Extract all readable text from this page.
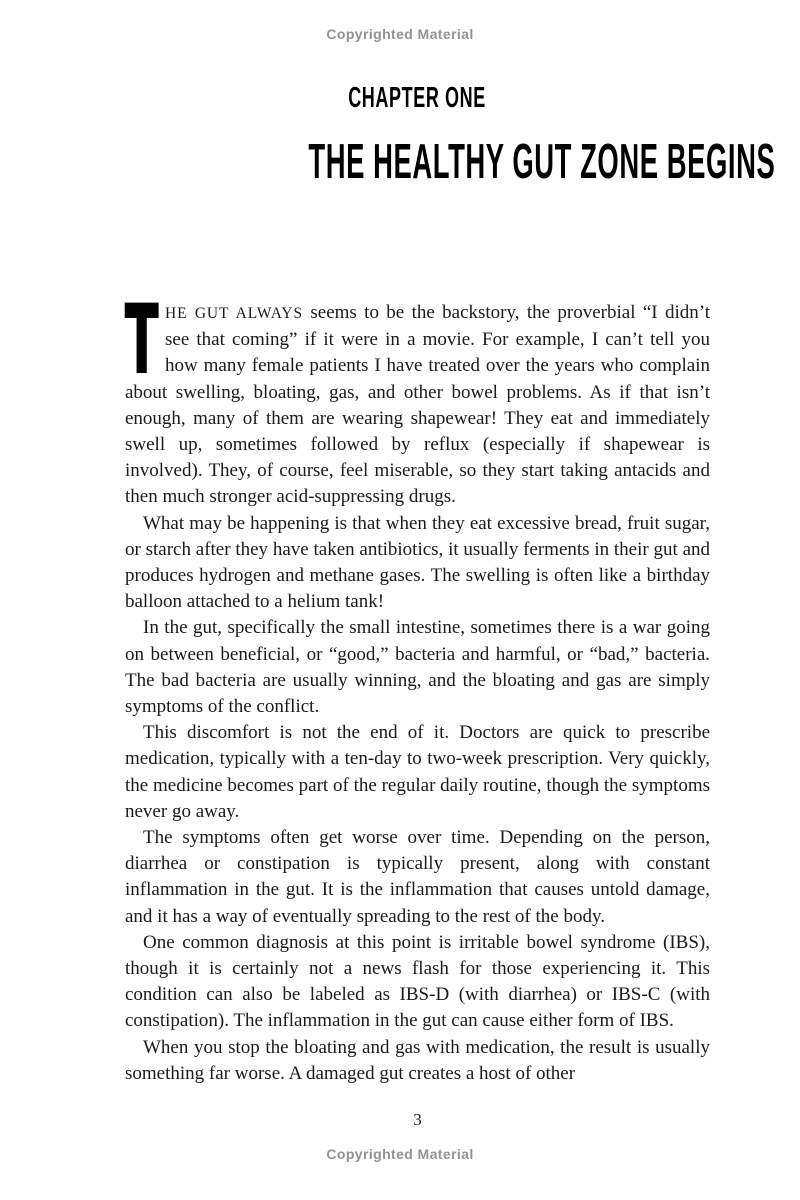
Copyrighted Material
CHAPTER ONE
THE HEALTHY GUT ZONE BEGINS

T HE GUT ALWAYS seems to be the backstory, the proverbial “I didn’t see that coming” if it were in a movie. For example, I can’t tell you how many female patients I have treated over the years who complain about swelling, bloating, gas, and other bowel problems. As if that isn’t enough, many of them are wearing shapewear! They eat and immediately swell up, sometimes followed by reflux (especially if shapewear is involved). They, of course, feel miserable, so they start taking antacids and then much stronger acid-suppressing drugs.

What may be happening is that when they eat excessive bread, fruit sugar, or starch after they have taken antibiotics, it usually ferments in their gut and produces hydrogen and methane gases. The swelling is often like a birthday balloon attached to a helium tank!

In the gut, specifically the small intestine, sometimes there is a war going on between beneficial, or “good,” bacteria and harmful, or “bad,” bacteria. The bad bacteria are usually winning, and the bloating and gas are simply symptoms of the conflict.

This discomfort is not the end of it. Doctors are quick to prescribe medication, typically with a ten-day to two-week prescription. Very quickly, the medicine becomes part of the regular daily routine, though the symptoms never go away.

The symptoms often get worse over time. Depending on the person, diarrhea or constipation is typically present, along with constant inflammation in the gut. It is the inflammation that causes untold damage, and it has a way of eventually spreading to the rest of the body.

One common diagnosis at this point is irritable bowel syndrome (IBS), though it is certainly not a news flash for those experiencing it. This condition can also be labeled as IBS-D (with diarrhea) or IBS-C (with constipation). The inflammation in the gut can cause either form of IBS.

When you stop the bloating and gas with medication, the result is usually something far worse. A damaged gut creates a host of other

3
Copyrighted Material
